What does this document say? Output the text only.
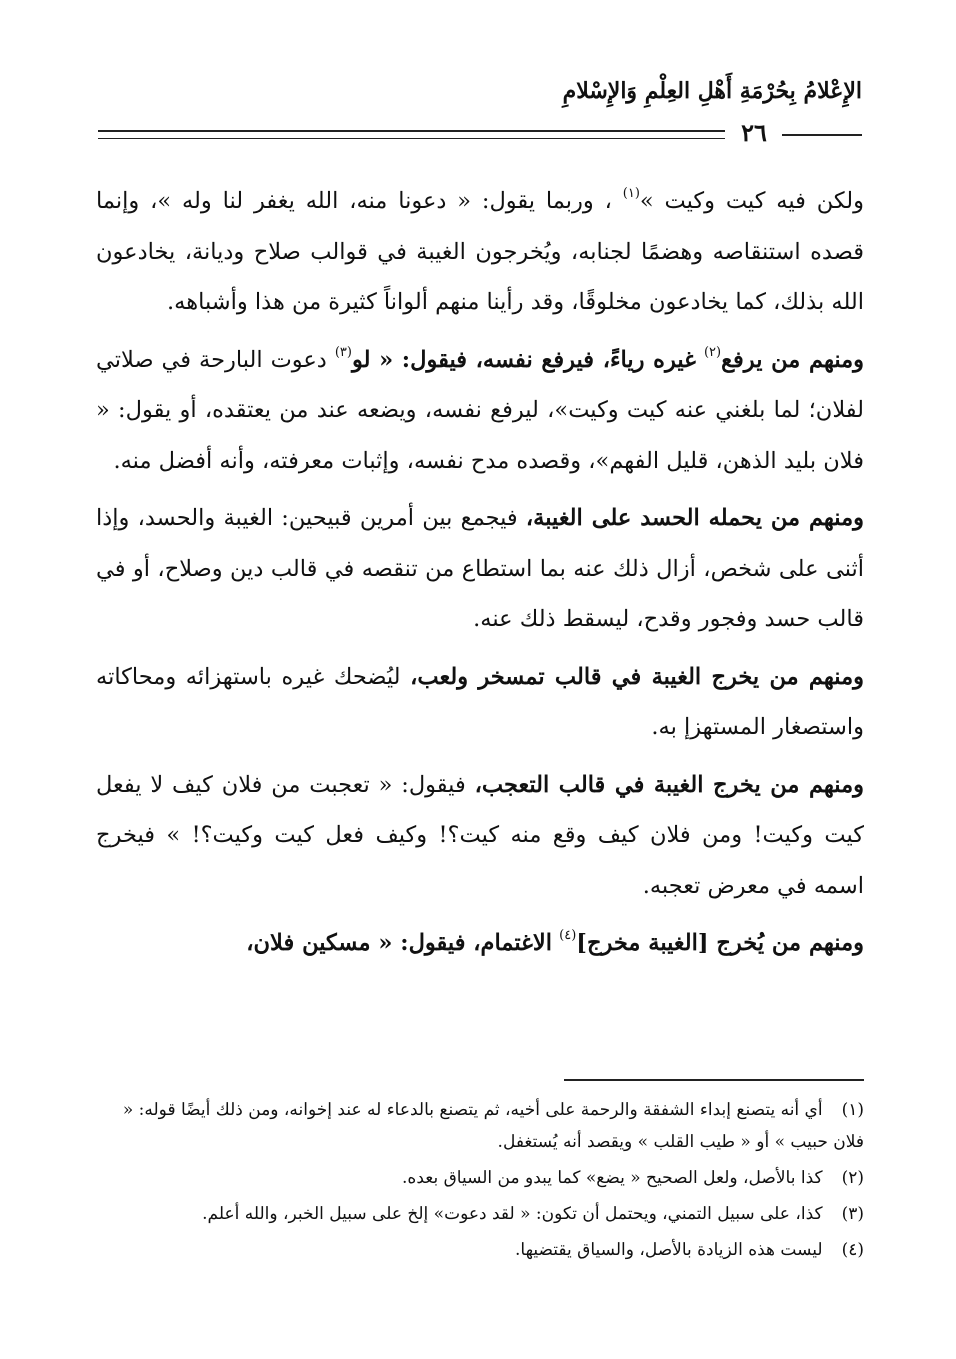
الإِعْلامُ بِحُرْمَةِ أَهْلِ العِلْمِ وَالإِسْلامِ
٢٦

ولكن فيه كيت وكيت »$^{(١)}$ ، وربما يقول: « دعونا منه، الله يغفر لنا وله »، وإنما قصده استنقاصه وهضمًا لجنابه، ويُخرجون الغيبة في قوالب صلاح وديانة، يخادعون الله بذلك، كما يخادعون مخلوقًا، وقد رأينا منهم ألواناً كثيرة من هذا وأشباهه.

ومنهم من يرفع$^{(٢)}$ غيره رياءً، فيرفع نفسه، فيقول: « لو$^{(٣)}$ دعوت البارحة في صلاتي لفلان؛ لما بلغني عنه كيت وكيت»، ليرفع نفسه، ويضعه عند من يعتقده، أو يقول: « فلان بليد الذهن، قليل الفهم»، وقصده مدح نفسه، وإثبات معرفته، وأنه أفضل منه.

ومنهم من يحمله الحسد على الغيبة، فيجمع بين أمرين قبيحين: الغيبة والحسد، وإذا أثنى على شخص، أزال ذلك عنه بما استطاع من تنقصه في قالب دين وصلاح، أو في قالب حسد وفجور وقدح، ليسقط ذلك عنه.

ومنهم من يخرج الغيبة في قالب تمسخر ولعب، ليُضحك غيره باستهزائه ومحاكاته واستصغار المستهزإ به.

ومنهم من يخرج الغيبة في قالب التعجب، فيقول: « تعجبت من فلان كيف لا يفعل كيت وكيت! ومن فلان كيف وقع منه كيت؟! وكيف فعل كيت وكيت؟! » فيخرج اسمه في معرض تعجبه.

ومنهم من يُخرج [الغيبة مخرج]$^{(٤)}$ الاغتمام، فيقول: « مسكين فلان،

(١) أي أنه يتصنع إبداء الشفقة والرحمة على أخيه، ثم يتصنع بالدعاء له عند إخوانه، ومن ذلك أيضًا قوله: « فلان حبيب » أو « طيب القلب » ويقصد أنه يُستغفل.

(٢) كذا بالأصل، ولعل الصحيح « يضع» كما يبدو من السياق بعده.

(٣) كذا، على سبيل التمني، ويحتمل أن تكون: « لقد دعوت» إلخ على سبيل الخبر، والله أعلم.

(٤) ليست هذه الزيادة بالأصل، والسياق يقتضيها.
